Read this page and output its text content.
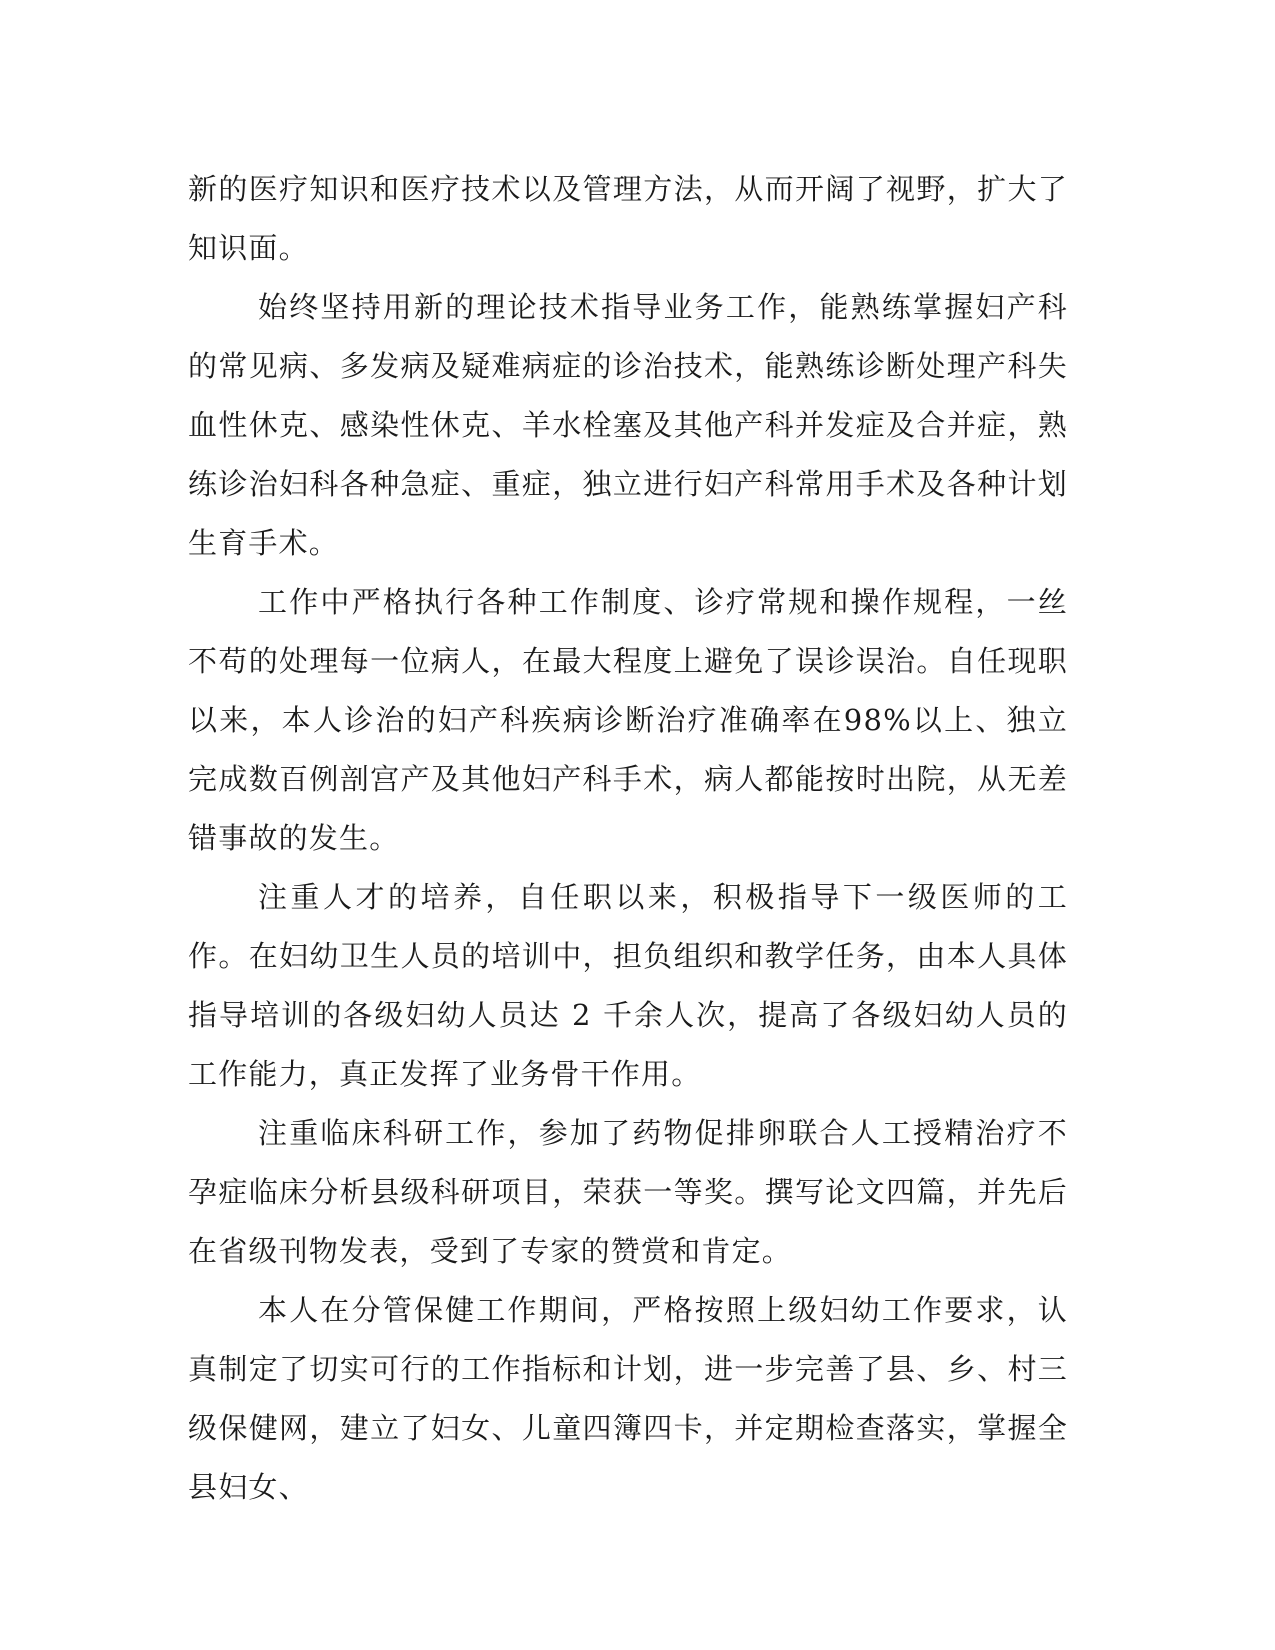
新的医疗知识和医疗技术以及管理方法，从而开阔了视野，扩大了知识面。

始终坚持用新的理论技术指导业务工作，能熟练掌握妇产科的常见病、多发病及疑难病症的诊治技术，能熟练诊断处理产科失血性休克、感染性休克、羊水栓塞及其他产科并发症及合并症，熟练诊治妇科各种急症、重症，独立进行妇产科常用手术及各种计划生育手术。

工作中严格执行各种工作制度、诊疗常规和操作规程，一丝不苟的处理每一位病人，在最大程度上避免了误诊误治。自任现职以来，本人诊治的妇产科疾病诊断治疗准确率在98%以上、独立完成数百例剖宫产及其他妇产科手术，病人都能按时出院，从无差错事故的发生。

注重人才的培养，自任职以来，积极指导下一级医师的工作。在妇幼卫生人员的培训中，担负组织和教学任务，由本人具体指导培训的各级妇幼人员达 2 千余人次，提高了各级妇幼人员的工作能力，真正发挥了业务骨干作用。

注重临床科研工作，参加了药物促排卵联合人工授精治疗不孕症临床分析县级科研项目，荣获一等奖。撰写论文四篇，并先后在省级刊物发表，受到了专家的赞赏和肯定。

本人在分管保健工作期间，严格按照上级妇幼工作要求，认真制定了切实可行的工作指标和计划，进一步完善了县、乡、村三级保健网，建立了妇女、儿童四簿四卡，并定期检查落实，掌握全县妇女、
